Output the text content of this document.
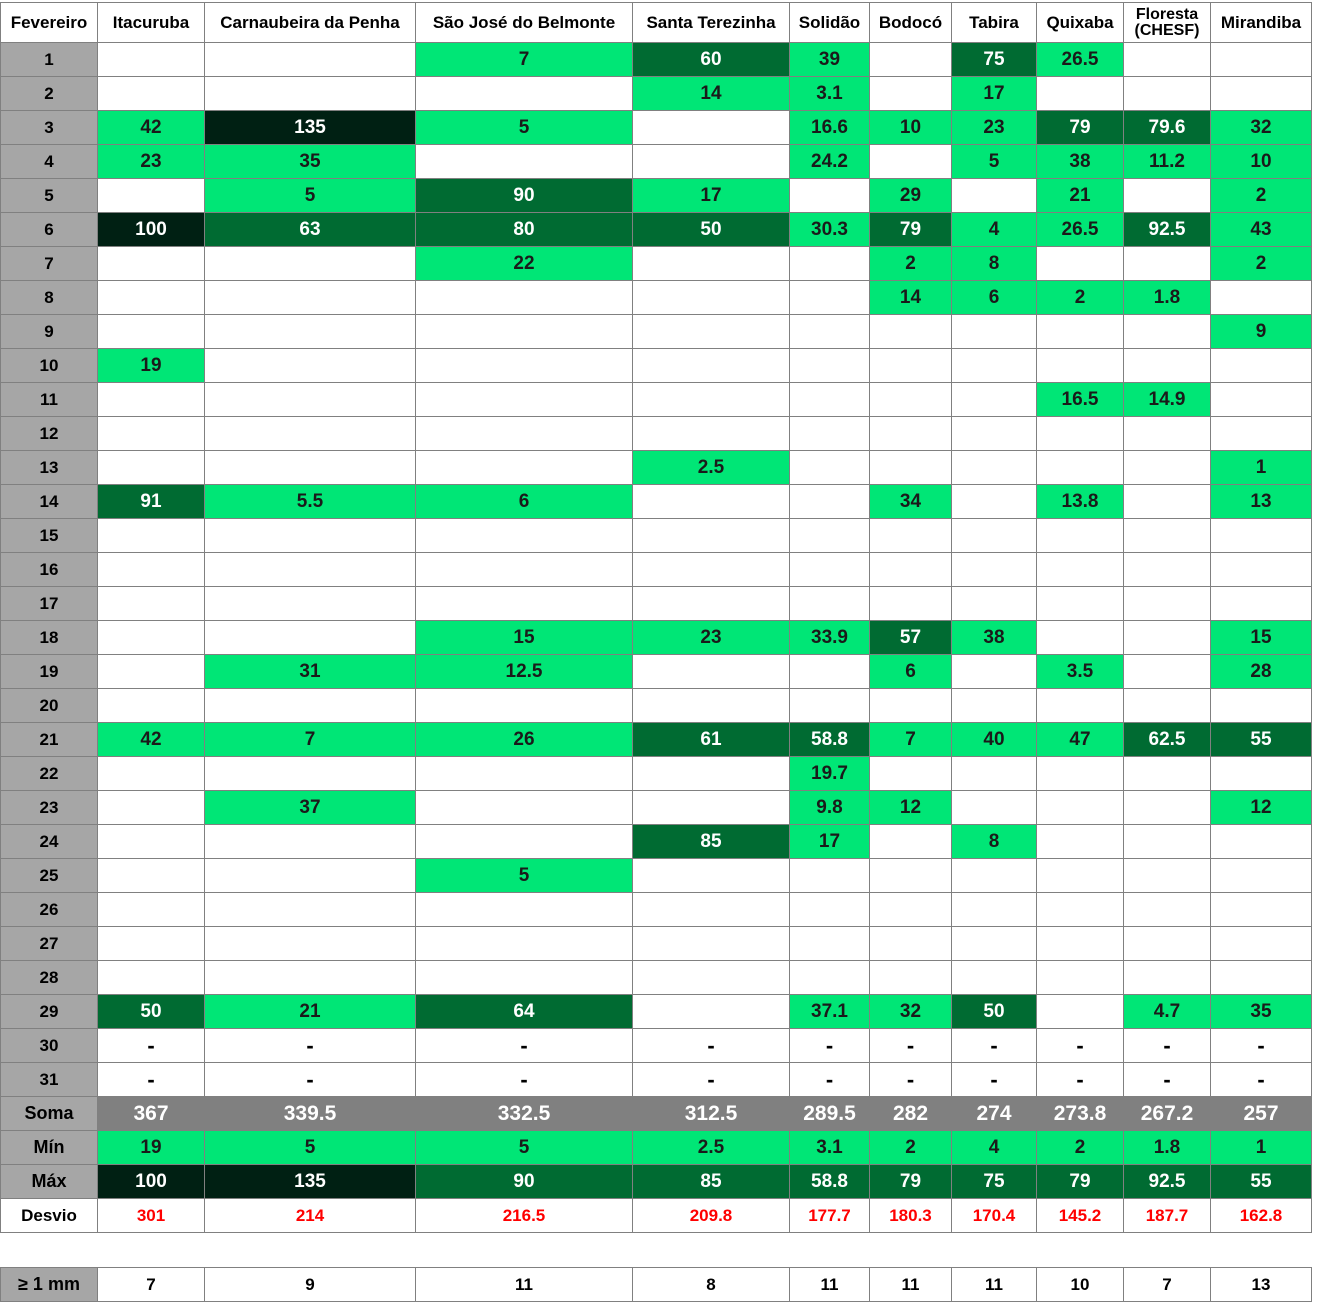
Fevereiro	Itacuruba	Carnaubeira da Penha	São José do Belmonte	Santa Terezinha	Solidão	Bodocó	Tabira	Quixaba	Floresta (CHESF)	Mirandiba
1			7	60	39		75	26.5		
2				14	3.1		17			
3	42	135	5		16.6	10	23	79	79.6	32
4	23	35			24.2		5	38	11.2	10
5		5	90	17		29		21		2
6	100	63	80	50	30.3	79	4	26.5	92.5	43
7			22			2	8			2
8						14	6	2	1.8	
9										9
10	19									
11								16.5	14.9	
12										
13				2.5						1
14	91	5.5	6			34		13.8		13
15										
16										
17										
18			15	23	33.9	57	38			15
19		31	12.5			6		3.5		28
20										
21	42	7	26	61	58.8	7	40	47	62.5	55
22					19.7					
23		37			9.8	12				12
24				85	17		8			
25			5							
26										
27										
28										
29	50	21	64		37.1	32	50		4.7	35
30	-	-	-	-	-	-	-	-	-	-
31	-	-	-	-	-	-	-	-	-	-
Soma	367	339.5	332.5	312.5	289.5	282	274	273.8	267.2	257
Mín	19	5	5	2.5	3.1	2	4	2	1.8	1
Máx	100	135	90	85	58.8	79	75	79	92.5	55
Desvio	301	214	216.5	209.8	177.7	180.3	170.4	145.2	187.7	162.8
≥ 1 mm	7	9	11	8	11	11	11	10	7	13
